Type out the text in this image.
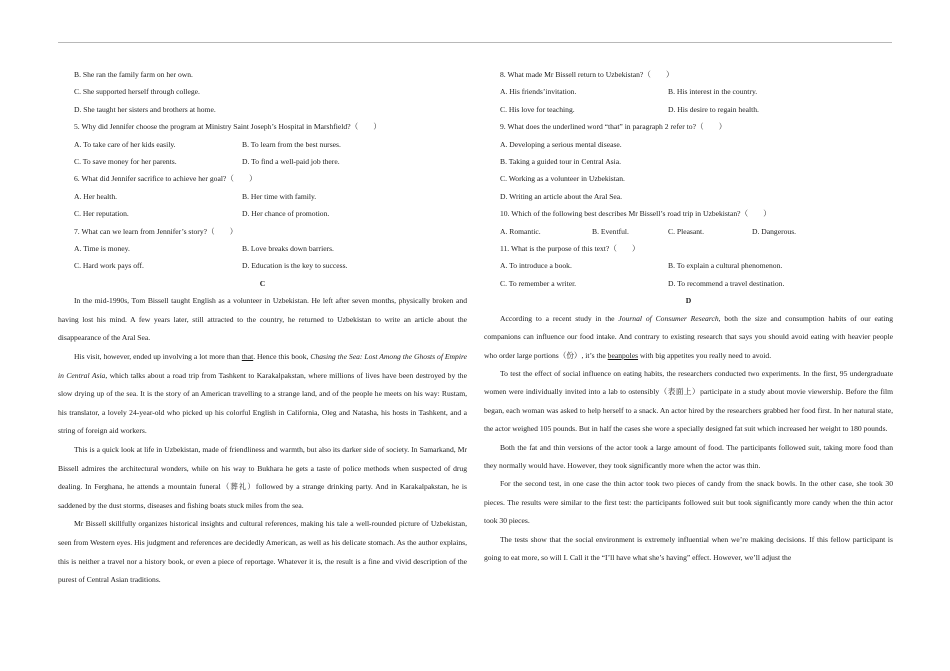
B. She ran the family farm on her own.
C. She supported herself through college.
D. She taught her sisters and brothers at home.
5. Why did Jennifer choose the program at Ministry Saint Joseph’s Hospital in Marshfield?（　　）
A. To take care of her kids easily.	B. To learn from the best nurses.
C. To save money for her parents.	D. To find a well-paid job there.
6. What did Jennifer sacrifice to achieve her goal?（　　）
A. Her health.	B. Her time with family.
C. Her reputation.	D. Her chance of promotion.
7. What can we learn from Jennifer’s story?（　　）
A. Time is money.	B. Love breaks down barriers.
C. Hard work pays off.	D. Education is the key to success.
C
In the mid-1990s, Tom Bissell taught English as a volunteer in Uzbekistan. He left after seven months, physically broken and having lost his mind. A few years later, still attracted to the country, he returned to Uzbekistan to write an article about the disappearance of the Aral Sea.
His visit, however, ended up involving a lot more than that. Hence this book, Chasing the Sea: Lost Among the Ghosts of Empire in Central Asia, which talks about a road trip from Tashkent to Karakalpakstan, where millions of lives have been destroyed by the slow drying up of the sea. It is the story of an American travelling to a strange land, and of the people he meets on his way: Rustam, his translator, a lovely 24-year-old who picked up his colorful English in California, Oleg and Natasha, his hosts in Tashkent, and a string of foreign aid workers.
This is a quick look at life in Uzbekistan, made of friendliness and warmth, but also its darker side of society. In Samarkand, Mr Bissell admires the architectural wonders, while on his way to Bukhara he gets a taste of police methods when suspected of drug dealing. In Ferghana, he attends a mountain funeral（葬礼）followed by a strange drinking party. And in Karakalpakstan, he is saddened by the dust storms, diseases and fishing boats stuck miles from the sea.
Mr Bissell skillfully organizes historical insights and cultural references, making his tale a well-rounded picture of Uzbekistan, seen from Western eyes. His judgment and references are decidedly American, as well as his delicate stomach. As the author explains, this is neither a travel nor a history book, or even a piece of reportage. Whatever it is, the result is a fine and vivid description of the purest of Central Asian traditions.
8. What made Mr Bissell return to Uzbekistan?（　　）
A. His friends’invitation.	B. His interest in the country.
C. His love for teaching.	D. His desire to regain health.
9. What does the underlined word “that” in paragraph 2 refer to?（　　）
A. Developing a serious mental disease.
B. Taking a guided tour in Central Asia.
C. Working as a volunteer in Uzbekistan.
D. Writing an article about the Aral Sea.
10. Which of the following best describes Mr Bissell’s road trip in Uzbekistan?（　　）
A. Romantic.	B. Eventful.	C. Pleasant.	D. Dangerous.
11. What is the purpose of this text?（　　）
A. To introduce a book.	B. To explain a cultural phenomenon.
C. To remember a writer.	D. To recommend a travel destination.
D
According to a recent study in the Journal of Consumer Research, both the size and consumption habits of our eating companions can influence our food intake. And contrary to existing research that says you should avoid eating with heavier people who order large portions（份）, it’s the beanpoles with big appetites you really need to avoid.
To test the effect of social influence on eating habits, the researchers conducted two experiments. In the first, 95 undergraduate women were individually invited into a lab to ostensibly（表面上）participate in a study about movie viewership. Before the film began, each woman was asked to help herself to a snack. An actor hired by the researchers grabbed her food first. In her natural state, the actor weighed 105 pounds. But in half the cases she wore a specially designed fat suit which increased her weight to 180 pounds.
Both the fat and thin versions of the actor took a large amount of food. The participants followed suit, taking more food than they normally would have. However, they took significantly more when the actor was thin.
For the second test, in one case the thin actor took two pieces of candy from the snack bowls. In the other case, she took 30 pieces. The results were similar to the first test: the participants followed suit but took significantly more candy when the thin actor took 30 pieces.
The tests show that the social environment is extremely influential when we’re making decisions. If this fellow participant is going to eat more, so will I. Call it the “I’ll have what she’s having” effect. However, we’ll adjust the
